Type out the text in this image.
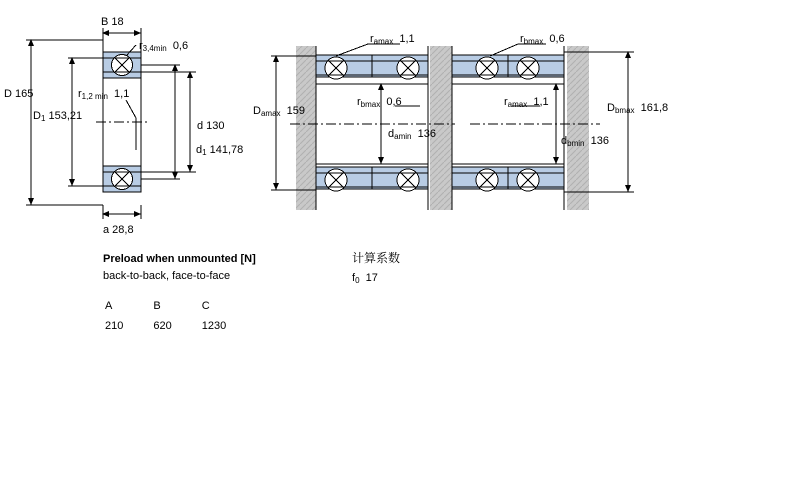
B 18
$r_{3,4min}$ 0,6
D 165	$r_{1,2 min}$ 1,1
$D_1$ 153,21
d 130
$d_1$ 141,78
a 28,8
$r_{amax}$ 1,1	$r_{bmax}$ 0,6
$D_{amax}$ 159
$r_{bmax}$ 0,6	$r_{amax}$ 1,1
$d_{amin}$ 136
$d_{bmin}$ 136
$D_{bmax}$ 161,8
Preload when unmounted [N]
back-to-back, face-to-face
A	B	C
210	620	1230
计算系数
$f_0$ 17
